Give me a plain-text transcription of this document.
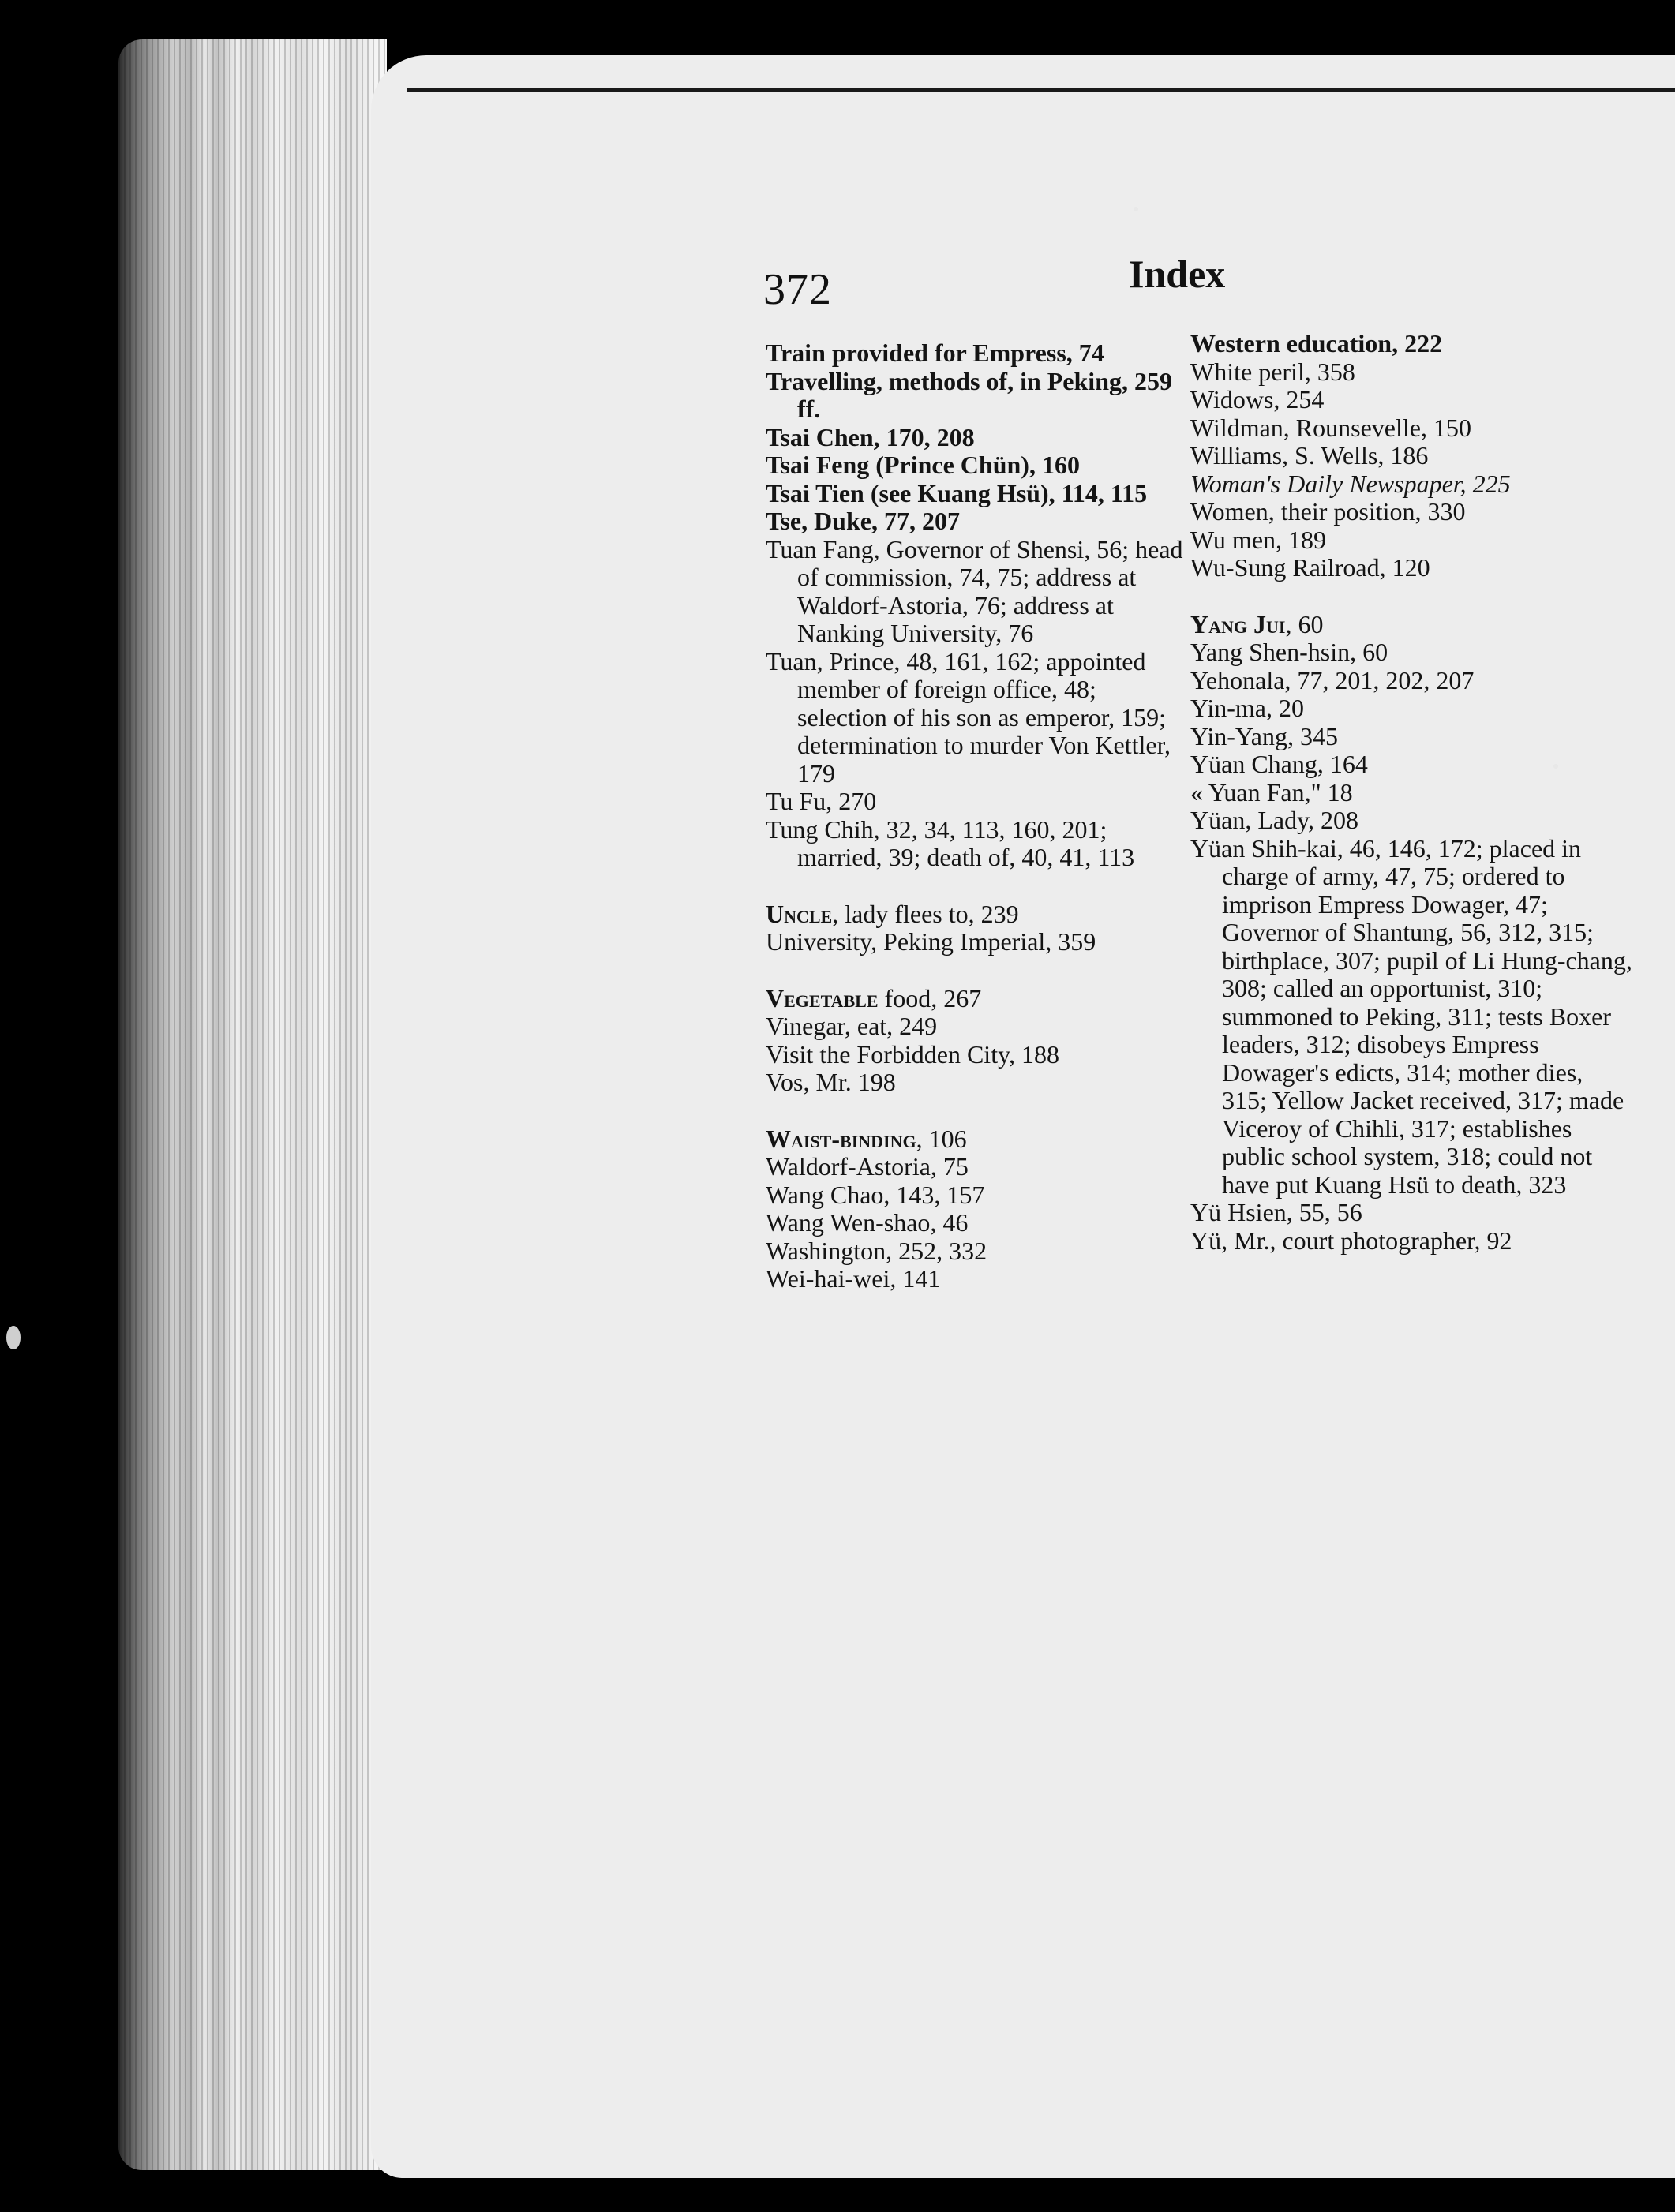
372	Index

Train provided for Empress, 74

Travelling, methods of, in Peking, 259 ff.

Tsai Chen, 170, 208

Tsai Feng (Prince Chün), 160

Tsai Tien (see Kuang Hsü), 114, 115

Tse, Duke, 77, 207

Tuan Fang, Governor of Shensi, 56; head of commission, 74, 75; address at Waldorf-Astoria, 76; address at Nanking University, 76

Tuan, Prince, 48, 161, 162; appointed member of foreign office, 48; selection of his son as emperor, 159; determination to murder Von Kettler, 179

Tu Fu, 270

Tung Chih, 32, 34, 113, 160, 201; married, 39; death of, 40, 41, 113

Uncle, lady flees to, 239

University, Peking Imperial, 359

Vegetable food, 267

Vinegar, eat, 249

Visit the Forbidden City, 188

Vos, Mr. 198

Waist-binding, 106

Waldorf-Astoria, 75

Wang Chao, 143, 157

Wang Wen-shao, 46

Washington, 252, 332

Wei-hai-wei, 141

Western education, 222

White peril, 358

Widows, 254

Wildman, Rounsevelle, 150

Williams, S. Wells, 186

Woman's Daily Newspaper, 225

Women, their position, 330

Wu men, 189

Wu-Sung Railroad, 120

Yang Jui, 60

Yang Shen-hsin, 60

Yehonala, 77, 201, 202, 207

Yin-ma, 20

Yin-Yang, 345

Yüan Chang, 164

« Yuan Fan," 18

Yüan, Lady, 208

Yüan Shih-kai, 46, 146, 172; placed in charge of army, 47, 75; ordered to imprison Empress Dowager, 47; Governor of Shantung, 56, 312, 315; birthplace, 307; pupil of Li Hung-chang, 308; called an opportunist, 310; summoned to Peking, 311; tests Boxer leaders, 312; disobeys Empress Dowager's edicts, 314; mother dies, 315; Yellow Jacket received, 317; made Viceroy of Chihli, 317; establishes public school system, 318; could not have put Kuang Hsü to death, 323

Yü Hsien, 55, 56

Yü, Mr., court photographer, 92
